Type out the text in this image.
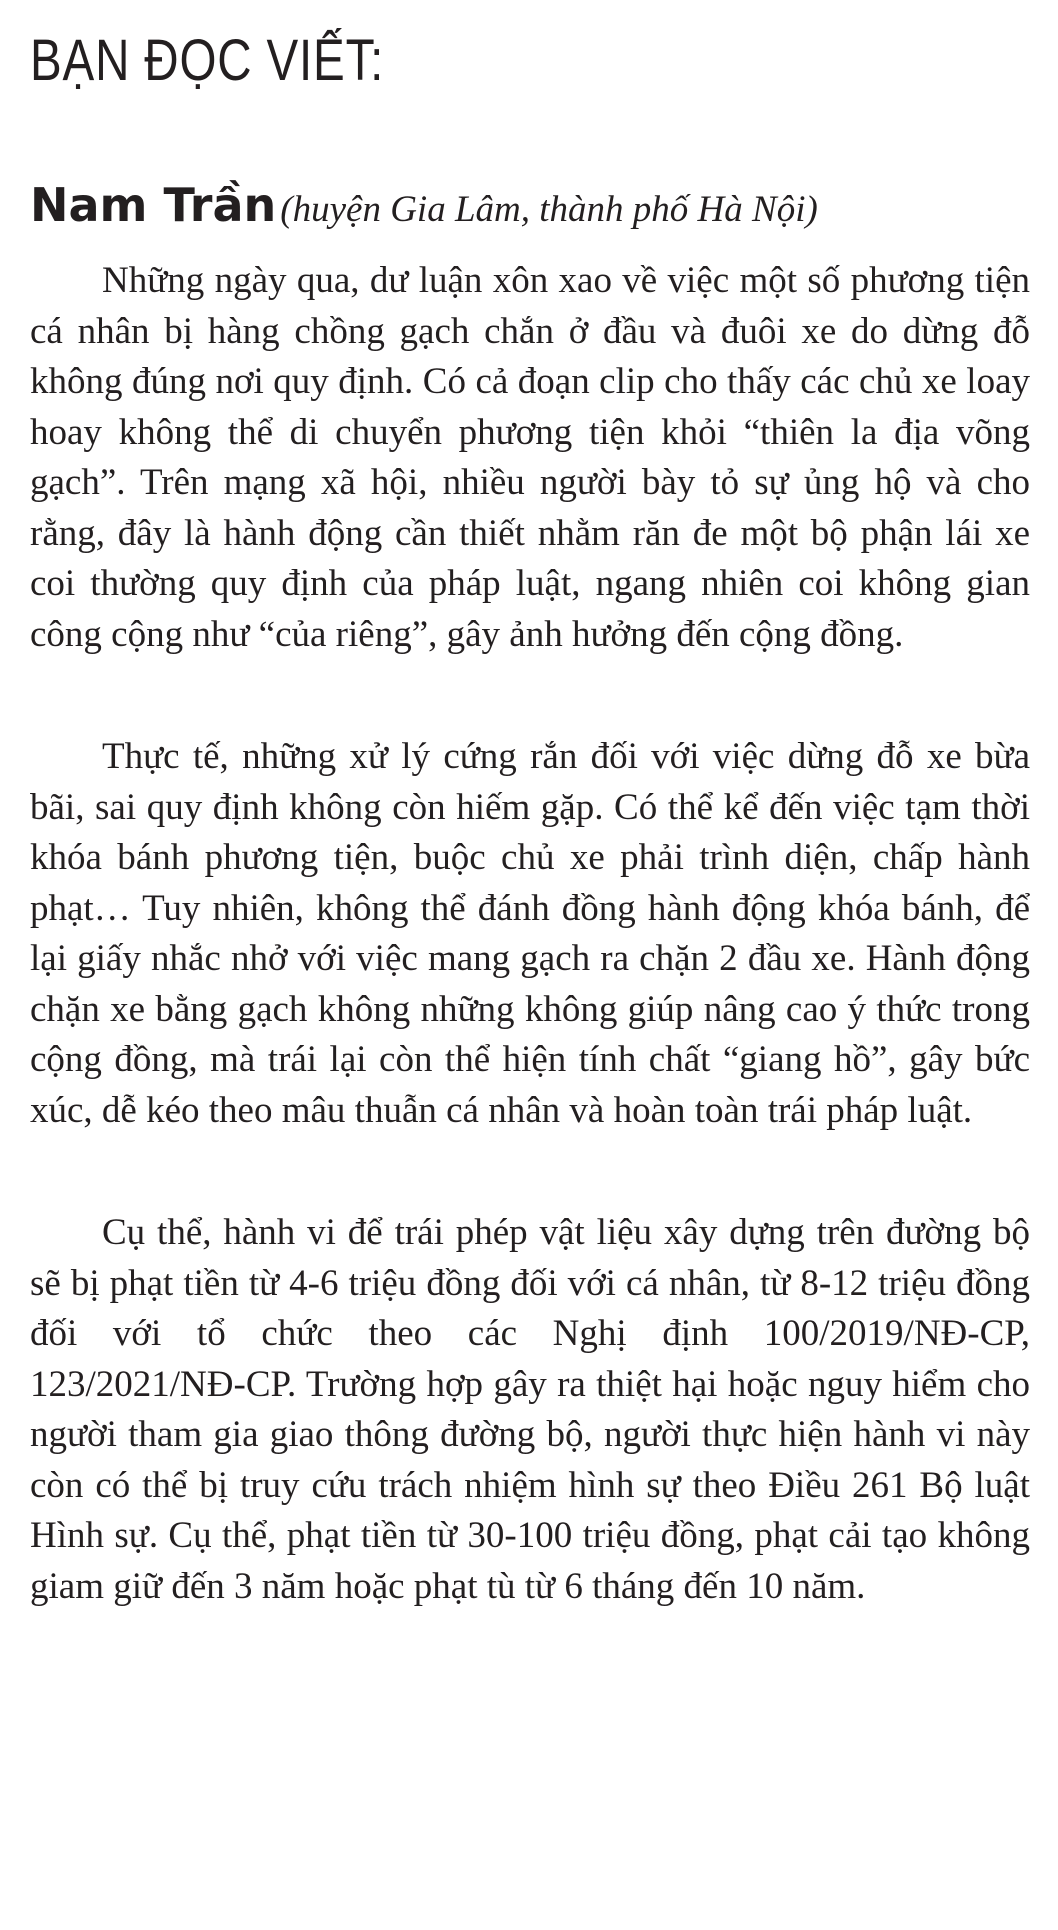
BẠN ĐỌC VIẾT:
Nam Trần (huyện Gia Lâm, thành phố Hà Nội)

Những ngày qua, dư luận xôn xao về việc một số phương tiện cá nhân bị hàng chồng gạch chắn ở đầu và đuôi xe do dừng đỗ không đúng nơi quy định. Có cả đoạn clip cho thấy các chủ xe loay hoay không thể di chuyển phương tiện khỏi “thiên la địa võng gạch”. Trên mạng xã hội, nhiều người bày tỏ sự ủng hộ và cho rằng, đây là hành động cần thiết nhằm răn đe một bộ phận lái xe coi thường quy định của pháp luật, ngang nhiên coi không gian công cộng như “của riêng”, gây ảnh hưởng đến cộng đồng.

Thực tế, những xử lý cứng rắn đối với việc dừng đỗ xe bừa bãi, sai quy định không còn hiếm gặp. Có thể kể đến việc tạm thời khóa bánh phương tiện, buộc chủ xe phải trình diện, chấp hành phạt… Tuy nhiên, không thể đánh đồng hành động khóa bánh, để lại giấy nhắc nhở với việc mang gạch ra chặn 2 đầu xe. Hành động chặn xe bằng gạch không những không giúp nâng cao ý thức trong cộng đồng, mà trái lại còn thể hiện tính chất “giang hồ”, gây bức xúc, dễ kéo theo mâu thuẫn cá nhân và hoàn toàn trái pháp luật.

Cụ thể, hành vi để trái phép vật liệu xây dựng trên đường bộ sẽ bị phạt tiền từ 4-6 triệu đồng đối với cá nhân, từ 8-12 triệu đồng đối với tổ chức theo các Nghị định 100/2019/NĐ-CP, 123/2021/NĐ-CP. Trường hợp gây ra thiệt hại hoặc nguy hiểm cho người tham gia giao thông đường bộ, người thực hiện hành vi này còn có thể bị truy cứu trách nhiệm hình sự theo Điều 261 Bộ luật Hình sự. Cụ thể, phạt tiền từ 30-100 triệu đồng, phạt cải tạo không giam giữ đến 3 năm hoặc phạt tù từ 6 tháng đến 10 năm.
